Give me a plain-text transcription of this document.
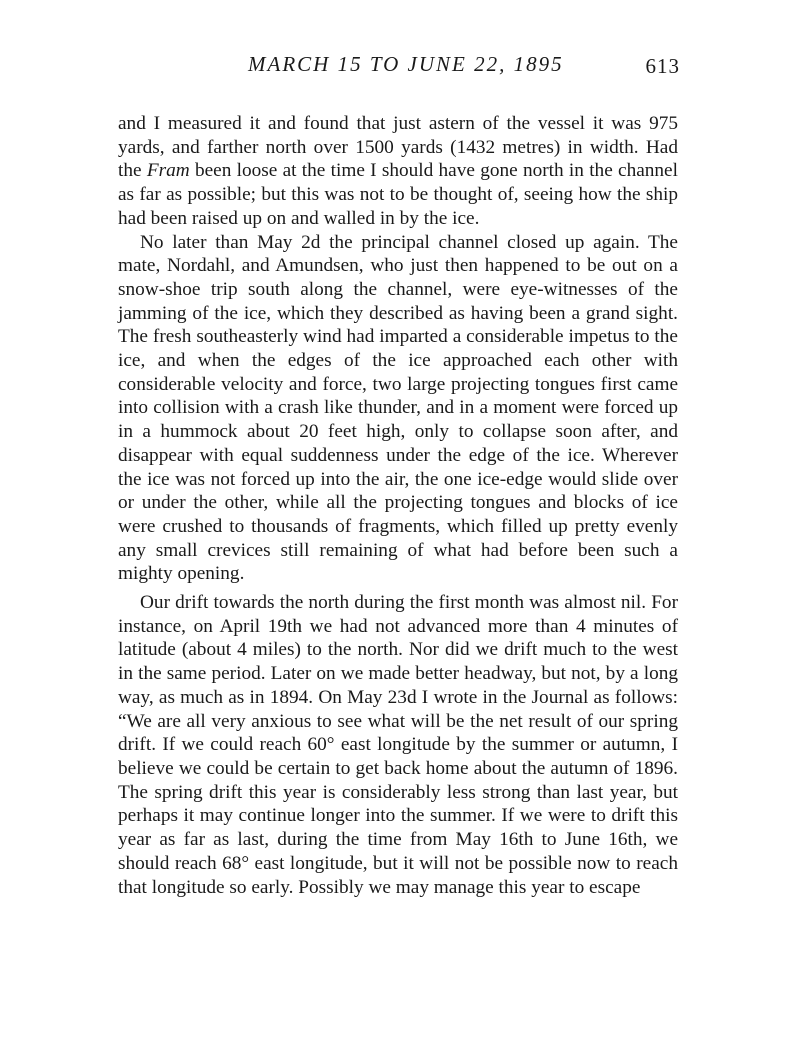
MARCH 15 TO JUNE 22, 1895	613

and I measured it and found that just astern of the vessel it was 975 yards, and farther north over 1500 yards (1432 metres) in width. Had the Fram been loose at the time I should have gone north in the channel as far as possible; but this was not to be thought of, seeing how the ship had been raised up on and walled in by the ice.

No later than May 2d the principal channel closed up again. The mate, Nordahl, and Amundsen, who just then happened to be out on a snow-shoe trip south along the channel, were eye-witnesses of the jamming of the ice, which they described as having been a grand sight. The fresh southeasterly wind had imparted a considerable impetus to the ice, and when the edges of the ice approached each other with considerable velocity and force, two large projecting tongues first came into collision with a crash like thunder, and in a moment were forced up in a hummock about 20 feet high, only to collapse soon after, and disappear with equal suddenness under the edge of the ice. Wherever the ice was not forced up into the air, the one ice-edge would slide over or under the other, while all the projecting tongues and blocks of ice were crushed to thousands of fragments, which filled up pretty evenly any small crevices still remaining of what had before been such a mighty opening.

Our drift towards the north during the first month was almost nil. For instance, on April 19th we had not advanced more than 4 minutes of latitude (about 4 miles) to the north. Nor did we drift much to the west in the same period. Later on we made better headway, but not, by a long way, as much as in 1894. On May 23d I wrote in the Journal as follows: “We are all very anxious to see what will be the net result of our spring drift. If we could reach 60° east longitude by the summer or autumn, I believe we could be certain to get back home about the autumn of 1896. The spring drift this year is considerably less strong than last year, but perhaps it may continue longer into the summer. If we were to drift this year as far as last, during the time from May 16th to June 16th, we should reach 68° east longitude, but it will not be possible now to reach that longitude so early. Possibly we may manage this year to escape
